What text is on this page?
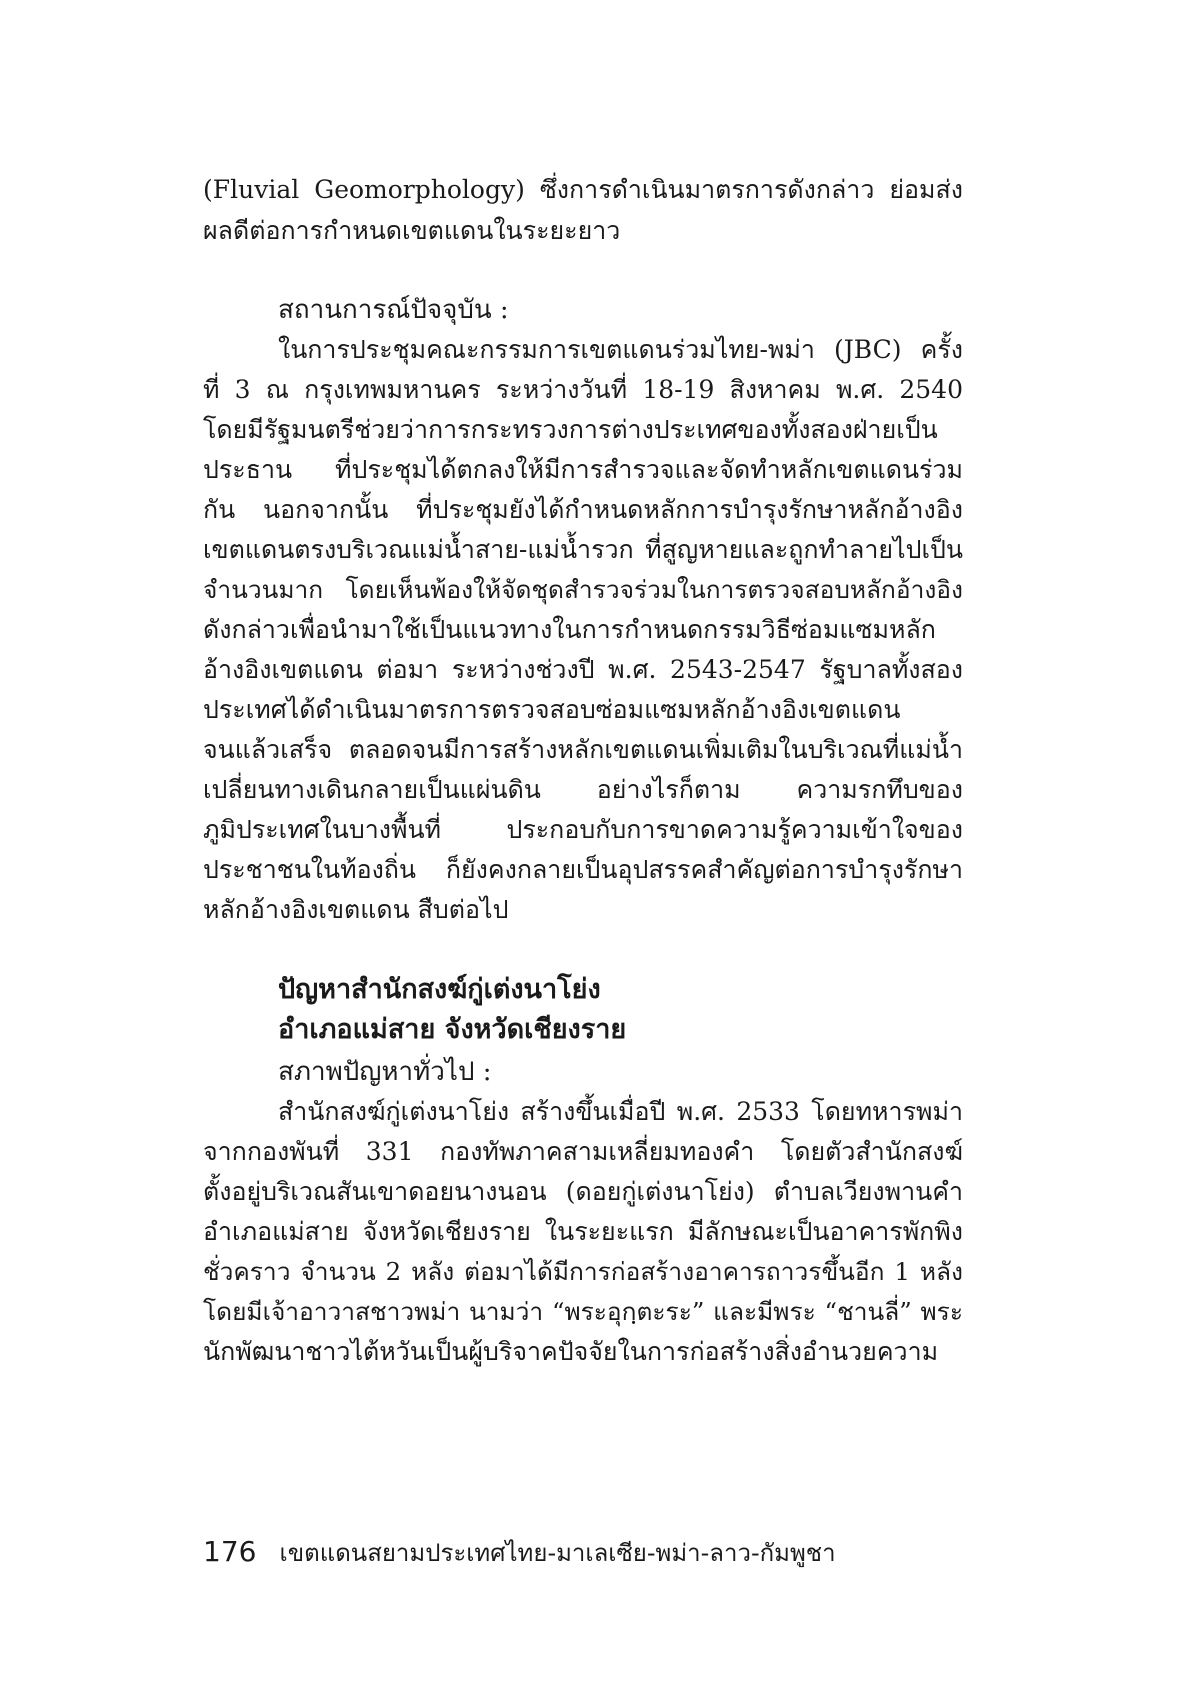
(Fluvial Geomorphology) ซึ่งการดำเนินมาตรการดังกล่าว ย่อมส่ง
ผลดีต่อการกำหนดเขตแดนในระยะยาว
สถานการณ์ปัจจุบัน :
ในการประชุมคณะกรรมการเขตแดนร่วมไทย-พม่า (JBC) ครั้ง
ที่ 3 ณ กรุงเทพมหานคร ระหว่างวันที่ 18-19 สิงหาคม พ.ศ. 2540
โดยมีรัฐมนตรีช่วยว่าการกระทรวงการต่างประเทศของทั้งสองฝ่ายเป็น
ประธาน ที่ประชุมได้ตกลงให้มีการสำรวจและจัดทำหลักเขตแดนร่วม
กัน นอกจากนั้น ที่ประชุมยังได้กำหนดหลักการบำรุงรักษาหลักอ้างอิง
เขตแดนตรงบริเวณแม่น้ำสาย-แม่น้ำรวก ที่สูญหายและถูกทำลายไปเป็น
จำนวนมาก โดยเห็นพ้องให้จัดชุดสำรวจร่วมในการตรวจสอบหลักอ้างอิง
ดังกล่าวเพื่อนำมาใช้เป็นแนวทางในการกำหนดกรรมวิธีซ่อมแซมหลัก
อ้างอิงเขตแดน ต่อมา ระหว่างช่วงปี พ.ศ. 2543-2547 รัฐบาลทั้งสอง
ประเทศได้ดำเนินมาตรการตรวจสอบซ่อมแซมหลักอ้างอิงเขตแดน
จนแล้วเสร็จ ตลอดจนมีการสร้างหลักเขตแดนเพิ่มเติมในบริเวณที่แม่น้ำ
เปลี่ยนทางเดินกลายเป็นแผ่นดิน อย่างไรก็ตาม ความรกทึบของ
ภูมิประเทศในบางพื้นที่ ประกอบกับการขาดความรู้ความเข้าใจของ
ประชาชนในท้องถิ่น ก็ยังคงกลายเป็นอุปสรรคสำคัญต่อการบำรุงรักษา
หลักอ้างอิงเขตแดน สืบต่อไป
ปัญหาสำนักสงฆ์กู่เต่งนาโย่ง
อำเภอแม่สาย จังหวัดเชียงราย
สภาพปัญหาทั่วไป :
สำนักสงฆ์กู่เต่งนาโย่ง สร้างขึ้นเมื่อปี พ.ศ. 2533 โดยทหารพม่า
จากกองพันที่ 331 กองทัพภาคสามเหลี่ยมทองคำ โดยตัวสำนักสงฆ์
ตั้งอยู่บริเวณสันเขาดอยนางนอน (ดอยกู่เต่งนาโย่ง) ตำบลเวียงพานคำ
อำเภอแม่สาย จังหวัดเชียงราย ในระยะแรก มีลักษณะเป็นอาคารพักพิง
ชั่วคราว จำนวน 2 หลัง ต่อมาได้มีการก่อสร้างอาคารถาวรขึ้นอีก 1 หลัง
โดยมีเจ้าอาวาสชาวพม่า นามว่า “พระอุกฺตะระ” และมีพระ “ชานลี่” พระ
นักพัฒนาชาวไต้หวันเป็นผู้บริจาคปัจจัยในการก่อสร้างสิ่งอำนวยความ
176 เขตแดนสยามประเทศไทย-มาเลเซีย-พม่า-ลาว-กัมพูชา
